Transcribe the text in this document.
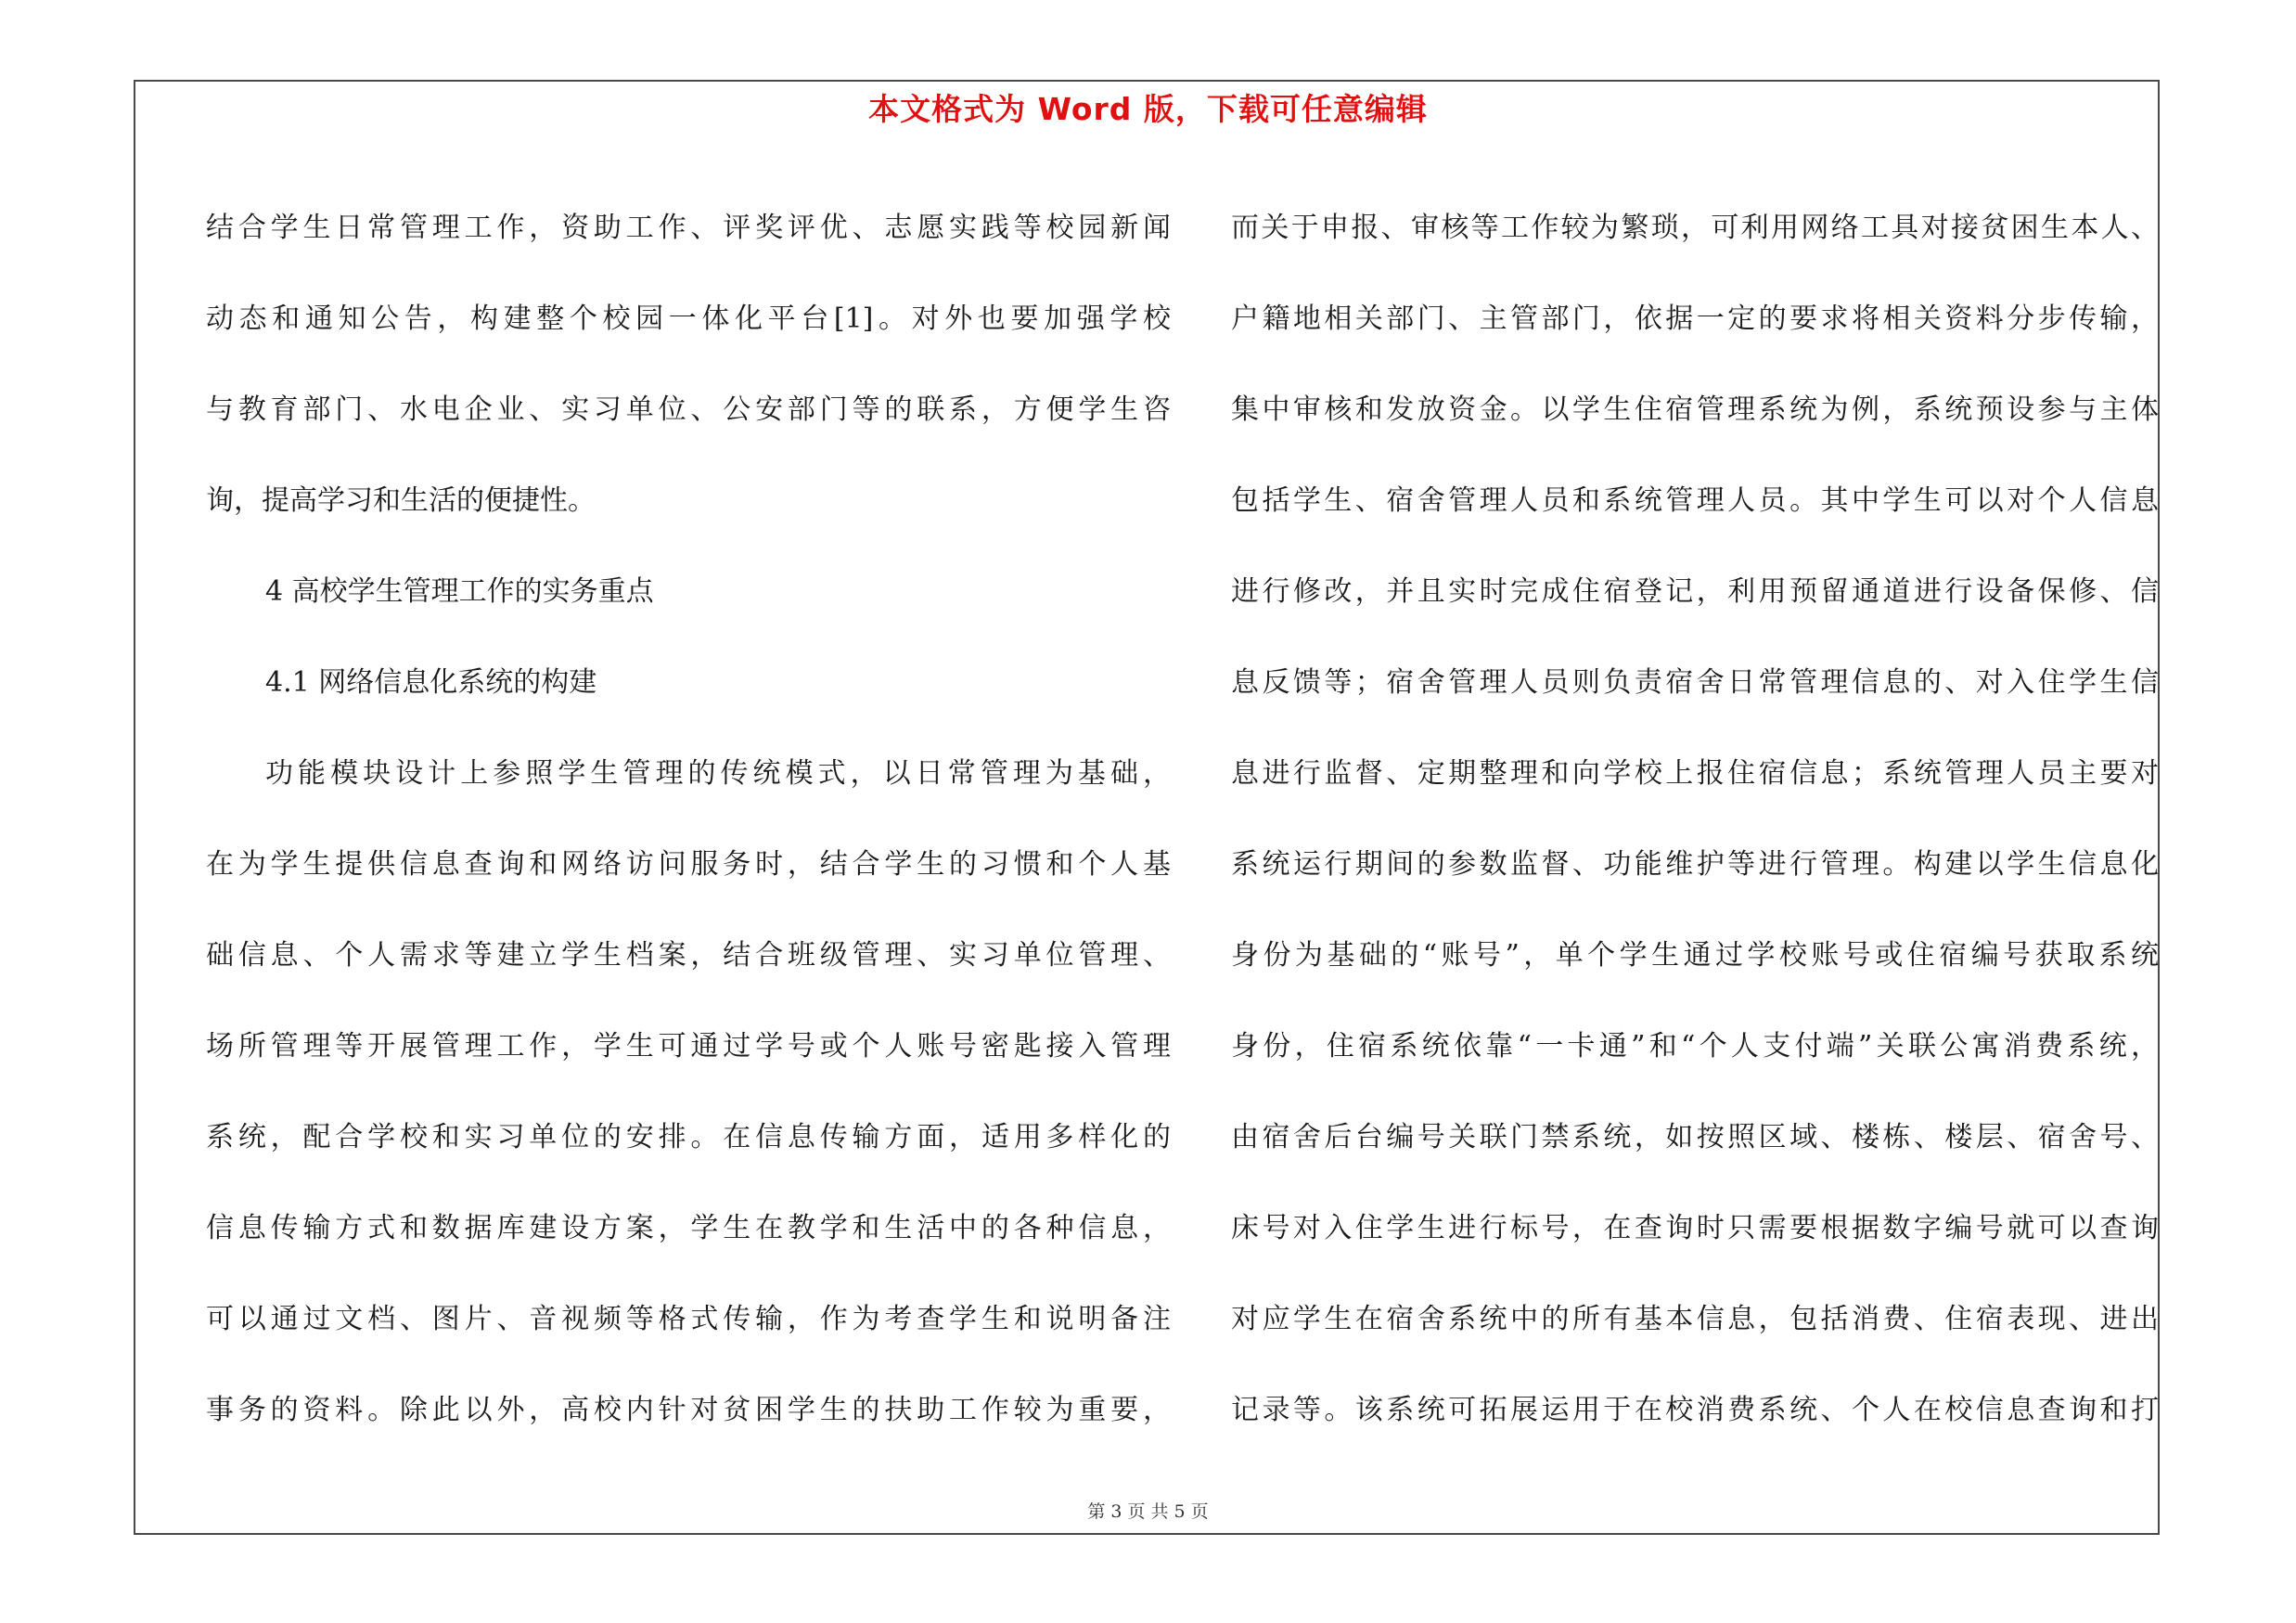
本文格式为 Word 版，下载可任意编辑
结合学生日常管理工作，资助工作、评奖评优、志愿实践等校园新闻
动态和通知公告，构建整个校园一体化平台[1]。对外也要加强学校
与教育部门、水电企业、实习单位、公安部门等的联系，方便学生咨
询，提高学习和生活的便捷性。
4 高校学生管理工作的实务重点
4.1 网络信息化系统的构建
功能模块设计上参照学生管理的传统模式，以日常管理为基础，
在为学生提供信息查询和网络访问服务时，结合学生的习惯和个人基
础信息、个人需求等建立学生档案，结合班级管理、实习单位管理、
场所管理等开展管理工作，学生可通过学号或个人账号密匙接入管理
系统，配合学校和实习单位的安排。在信息传输方面，适用多样化的
信息传输方式和数据库建设方案，学生在教学和生活中的各种信息，
可以通过文档、图片、音视频等格式传输，作为考查学生和说明备注
事务的资料。除此以外，高校内针对贫困学生的扶助工作较为重要，
而关于申报、审核等工作较为繁琐，可利用网络工具对接贫困生本人、
户籍地相关部门、主管部门，依据一定的要求将相关资料分步传输，
集中审核和发放资金。以学生住宿管理系统为例，系统预设参与主体
包括学生、宿舍管理人员和系统管理人员。其中学生可以对个人信息
进行修改，并且实时完成住宿登记，利用预留通道进行设备保修、信
息反馈等；宿舍管理人员则负责宿舍日常管理信息的、对入住学生信
息进行监督、定期整理和向学校上报住宿信息；系统管理人员主要对
系统运行期间的参数监督、功能维护等进行管理。构建以学生信息化
身份为基础的“账号”，单个学生通过学校账号或住宿编号获取系统
身份，住宿系统依靠“一卡通”和“个人支付端”关联公寓消费系统，
由宿舍后台编号关联门禁系统，如按照区域、楼栋、楼层、宿舍号、
床号对入住学生进行标号，在查询时只需要根据数字编号就可以查询
对应学生在宿舍系统中的所有基本信息，包括消费、住宿表现、进出
记录等。该系统可拓展运用于在校消费系统、个人在校信息查询和打
第 3 页 共 5 页
